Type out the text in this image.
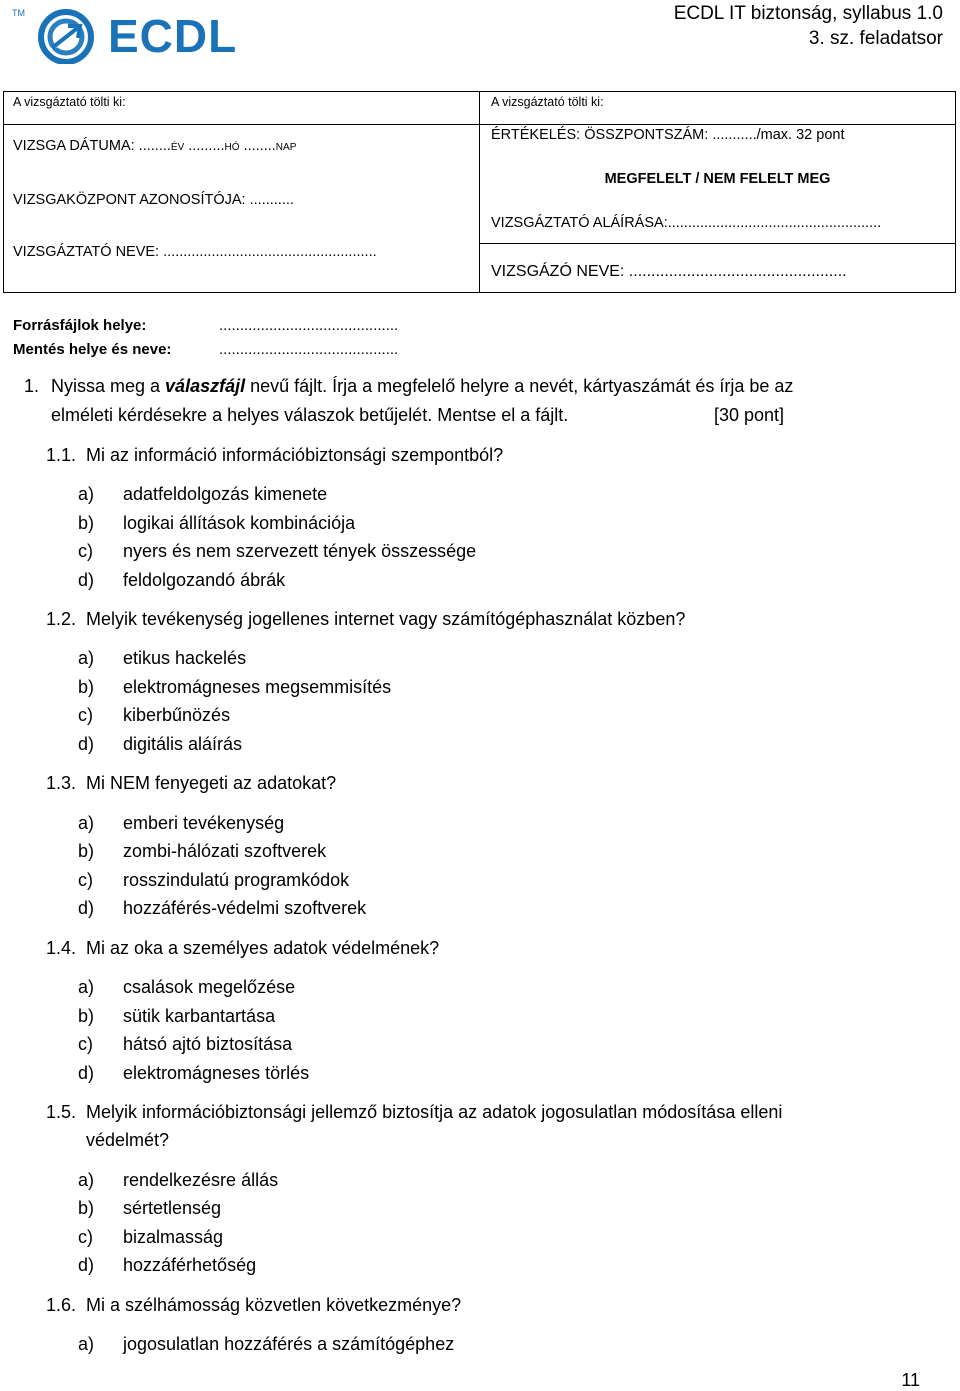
TM ECDL	ECDL IT biztonság, syllabus 1.0
3. sz. feladatsor
A vizsgáztató tölti ki:
VIZSGA DÁTUMA: ........év .........hó ........nap
VIZSGAKÖZPONT AZONOSÍTÓJA: ...........
VIZSGÁZTATÓ NEVE: .....................................................
A vizsgáztató tölti ki:
ÉRTÉKELÉS: ÖSSZPONTSZÁM: .........../max. 32 pont
MEGFELELT / NEM FELELT MEG
VIZSGÁZTATÓ ALÁÍRÁSA:.....................................................
VIZSGÁZÓ NEVE: .................................................
Forrásfájlok helye:	...........................................
Mentés helye és neve:	...........................................
1. Nyissa meg a válaszfájl nevű fájlt. Írja a megfelelő helyre a nevét, kártyaszámát és írja be az
elméleti kérdésekre a helyes válaszok betűjelét. Mentse el a fájlt.	[30 pont]
1.1. Mi az információ információbiztonsági szempontból?
a) adatfeldolgozás kimenete
b) logikai állítások kombinációja
c) nyers és nem szervezett tények összessége
d) feldolgozandó ábrák
1.2. Melyik tevékenység jogellenes internet vagy számítógéphasználat közben?
a) etikus hackelés
b) elektromágneses megsemmisítés
c) kiberbűnözés
d) digitális aláírás
1.3. Mi NEM fenyegeti az adatokat?
a) emberi tevékenység
b) zombi-hálózati szoftverek
c) rosszindulatú programkódok
d) hozzáférés-védelmi szoftverek
1.4. Mi az oka a személyes adatok védelmének?
a) csalások megelőzése
b) sütik karbantartása
c) hátsó ajtó biztosítása
d) elektromágneses törlés
1.5. Melyik információbiztonsági jellemző biztosítja az adatok jogosulatlan módosítása elleni
védelmét?
a) rendelkezésre állás
b) sértetlenség
c) bizalmasság
d) hozzáférhetőség
1.6. Mi a szélhámosság közvetlen következménye?
a) jogosulatlan hozzáférés a számítógéphez
11
